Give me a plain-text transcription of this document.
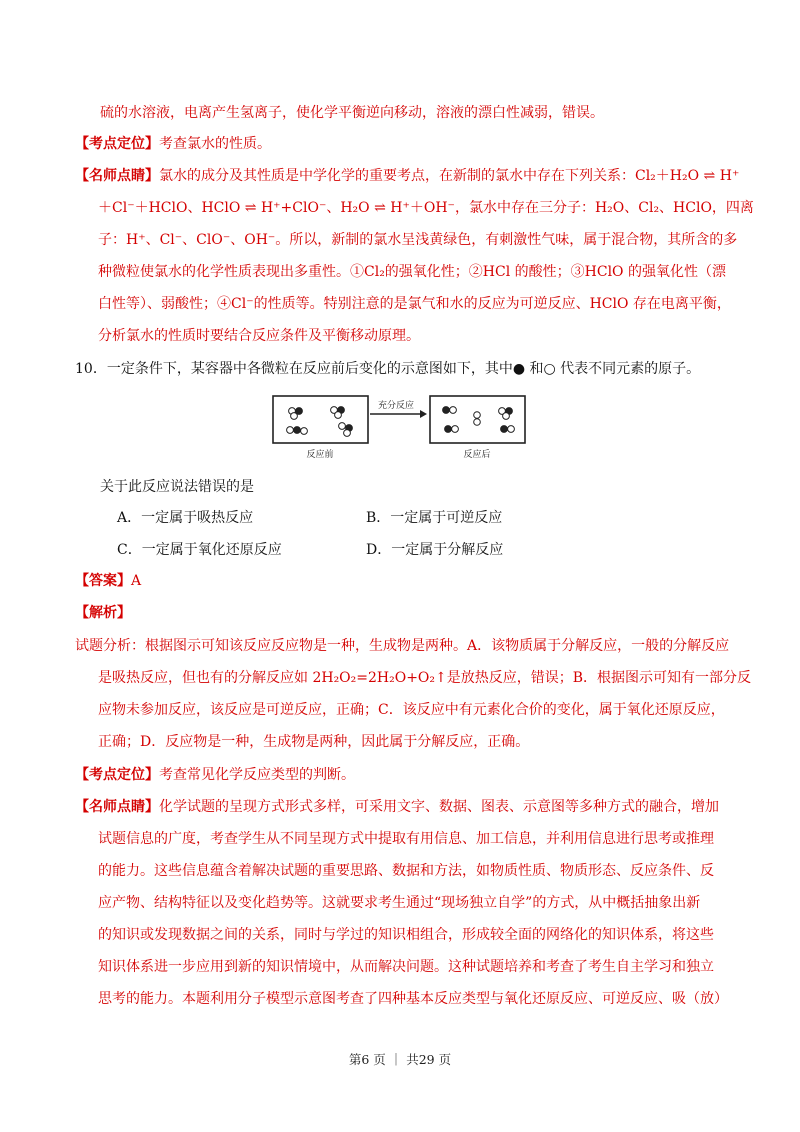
硫的水溶液，电离产生氢离子，使化学平衡逆向移动，溶液的漂白性减弱，错误。
【考点定位】考查氯水的性质。
【名师点睛】氯水的成分及其性质是中学化学的重要考点，在新制的氯水中存在下列关系：Cl₂＋H₂O ⇌ H⁺
＋Cl⁻＋HClO、HClO ⇌ H⁺+ClO⁻、H₂O ⇌ H⁺＋OH⁻，氯水中存在三分子：H₂O、Cl₂、HClO，四离
子：H⁺、Cl⁻、ClO⁻、OH⁻。所以，新制的氯水呈浅黄绿色，有刺激性气味，属于混合物，其所含的多
种微粒使氯水的化学性质表现出多重性。①Cl₂的强氧化性；②HCl 的酸性；③HClO 的强氧化性（漂
白性等）、弱酸性；④Cl⁻的性质等。特别注意的是氯气和水的反应为可逆反应、HClO 存在电离平衡，
分析氯水的性质时要结合反应条件及平衡移动原理。
10．一定条件下，某容器中各微粒在反应前后变化的示意图如下，其中● 和○ 代表不同元素的原子。
反应前
充分反应
反应后
关于此反应说法错误的是
A．一定属于吸热反应	B．一定属于可逆反应
C．一定属于氧化还原反应	D．一定属于分解反应
【答案】A
【解析】
试题分析：根据图示可知该反应反应物是一种，生成物是两种。A．该物质属于分解反应，一般的分解反应
是吸热反应，但也有的分解反应如 2H₂O₂=2H₂O+O₂↑是放热反应，错误；B．根据图示可知有一部分反
应物未参加反应，该反应是可逆反应，正确；C．该反应中有元素化合价的变化，属于氧化还原反应，
正确；D．反应物是一种，生成物是两种，因此属于分解反应，正确。
【考点定位】考查常见化学反应类型的判断。
【名师点睛】化学试题的呈现方式形式多样，可采用文字、数据、图表、示意图等多种方式的融合，增加
试题信息的广度，考查学生从不同呈现方式中提取有用信息、加工信息，并利用信息进行思考或推理
的能力。这些信息蕴含着解决试题的重要思路、数据和方法，如物质性质、物质形态、反应条件、反
应产物、结构特征以及变化趋势等。这就要求考生通过“现场独立自学”的方式，从中概括抽象出新
的知识或发现数据之间的关系，同时与学过的知识相组合，形成较全面的网络化的知识体系，将这些
知识体系进一步应用到新的知识情境中，从而解决问题。这种试题培养和考查了考生自主学习和独立
思考的能力。本题利用分子模型示意图考查了四种基本反应类型与氧化还原反应、可逆反应、吸（放）
第6 页 ｜ 共29 页
